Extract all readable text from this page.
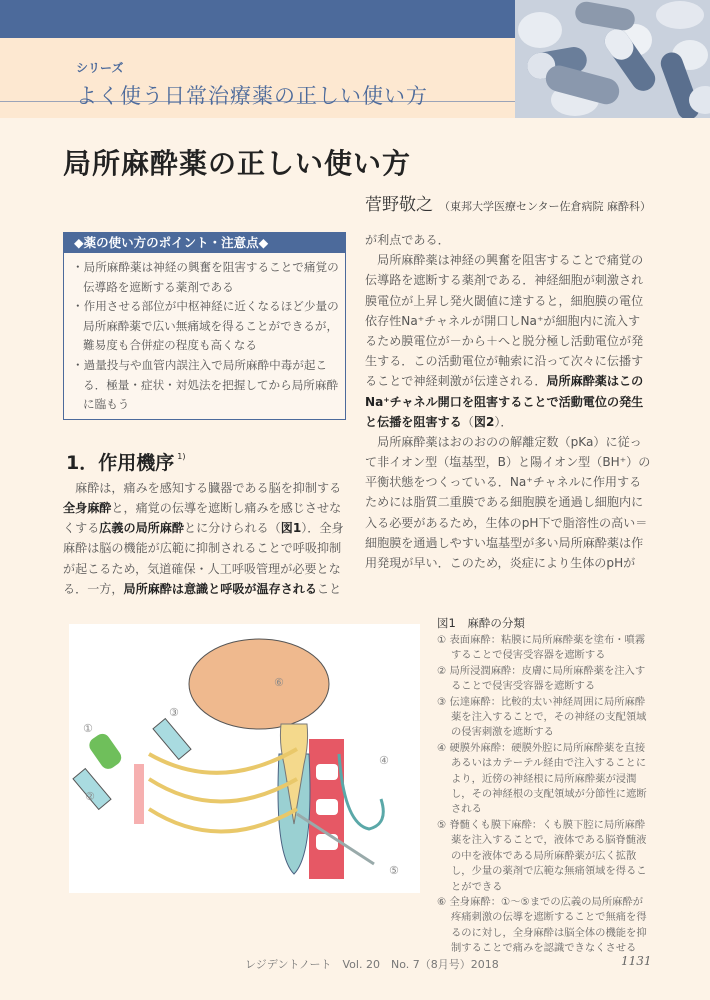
シリーズ
よく使う日常治療薬の正しい使い方
局所麻酔薬の正しい使い方
菅野敬之 （東邦大学医療センター佐倉病院 麻酔科）
◆薬の使い方のポイント・注意点◆
・ 局所麻酔薬は神経の興奮を阻害することで痛覚の伝導路を遮断する薬剤である
・ 作用させる部位が中枢神経に近くなるほど少量の局所麻酔薬で広い無痛域を得ることができるが，難易度も合併症の程度も高くなる
・ 過量投与や血管内誤注入で局所麻酔中毒が起こる．極量・症状・対処法を把握してから局所麻酔に臨もう
1．作用機序 $^{1)}$
　麻酔は，痛みを感知する臓器である脳を抑制する
全身麻酔と，痛覚の伝導を遮断し痛みを感じさせな
くする広義の局所麻酔とに分けられる（図1）．全身
麻酔は脳の機能が広範に抑制されることで呼吸抑制
が起こるため，気道確保・人工呼吸管理が必要とな
る．一方，局所麻酔は意識と呼吸が温存されること
が利点である．
　局所麻酔薬は神経の興奮を阻害することで痛覚の
伝導路を遮断する薬剤である．神経細胞が刺激され
膜電位が上昇し発火閾値に達すると，細胞膜の電位
依存性Na⁺チャネルが開口しNa⁺が細胞内に流入す
るため膜電位が－から＋へと脱分極し活動電位が発
生する．この活動電位が軸索に沿って次々に伝播す
ることで神経刺激が伝達される．局所麻酔薬はこの
Na⁺チャネル開口を阻害することで活動電位の発生
と伝播を阻害する（図2）．
　局所麻酔薬はおのおのの解離定数（pKa）に従っ
て非イオン型（塩基型，B）と陽イオン型（BH⁺）の
平衡状態をつくっている．Na⁺チャネルに作用する
ためには脂質二重膜である細胞膜を通過し細胞内に
入る必要があるため，生体のpH下で脂溶性の高い＝
細胞膜を通過しやすい塩基型が多い局所麻酔薬は作
用発現が早い．このため，炎症により生体のpHが
①
②
③
④
⑤
⑥
図1　麻酔の分類
① 表面麻酔：粘膜に局所麻酔薬を塗布・噴霧することで侵害受容器を遮断する
② 局所浸潤麻酔：皮膚に局所麻酔薬を注入することで侵害受容器を遮断する
③ 伝達麻酔：比較的太い神経周囲に局所麻酔薬を注入することで，その神経の支配領域の侵害刺激を遮断する
④ 硬膜外麻酔：硬膜外腔に局所麻酔薬を直接あるいはカテーテル経由で注入することにより，近傍の神経根に局所麻酔薬が浸潤し，その神経根の支配領域が分節性に遮断される
⑤ 脊髄くも膜下麻酔：くも膜下腔に局所麻酔薬を注入することで，液体である脳脊髄液の中を液体である局所麻酔薬が広く拡散し，少量の薬剤で広範な無痛領域を得ることができる
⑥ 全身麻酔：①～⑤までの広義の局所麻酔が疼痛刺激の伝導を遮断することで無痛を得るのに対し，全身麻酔は脳全体の機能を抑制することで痛みを認識できなくさせる
レジデントノート　Vol. 20　No. 7（8月号）2018	1131
